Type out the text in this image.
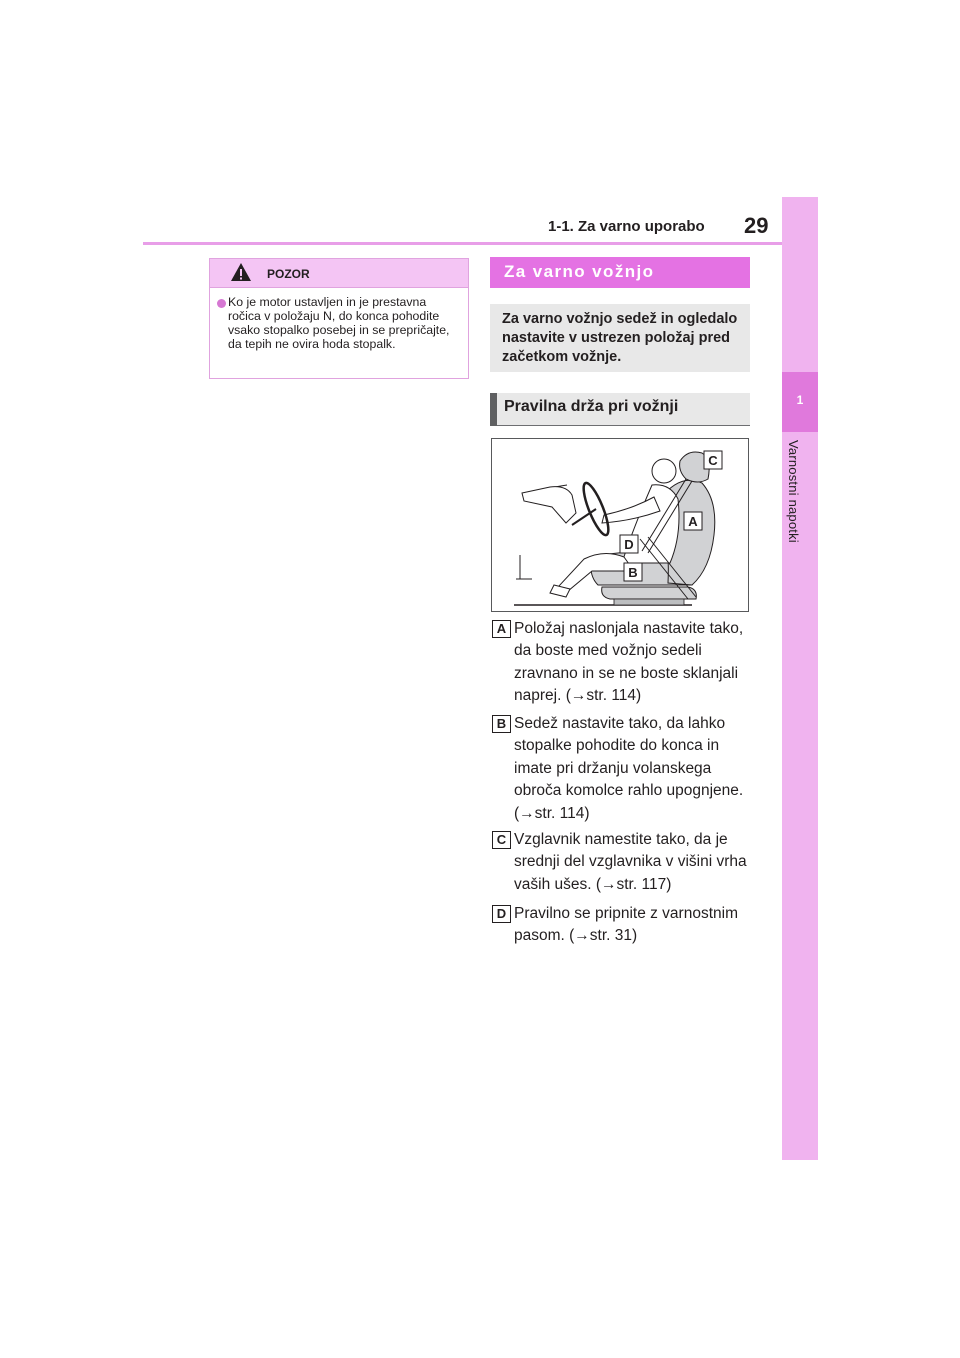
1-1. Za varno uporabo 29
1
Varnostni napotki
POZOR
Ko je motor ustavljen in je prestavna ročica v položaju N, do konca pohodite vsako stopalko posebej in se prepričajte, da tepih ne ovira hoda stopalk.
Za varno vožnjo
Za varno vožnjo sedež in ogledalo nastavite v ustrezen položaj pred začetkom vožnje.
Pravilna drža pri vožnji
C
A
D
B
A Položaj naslonjala nastavite tako, da boste med vožnjo sedeli zravnano in se ne boste sklanjali naprej. (→str. 114)
B Sedež nastavite tako, da lahko stopalke pohodite do konca in imate pri držanju volanskega obroča komolce rahlo upognjene. (→str. 114)
C Vzglavnik namestite tako, da je srednji del vzglavnika v višini vrha vaših ušes. (→str. 117)
D Pravilno se pripnite z varnostnim pasom. (→str. 31)
